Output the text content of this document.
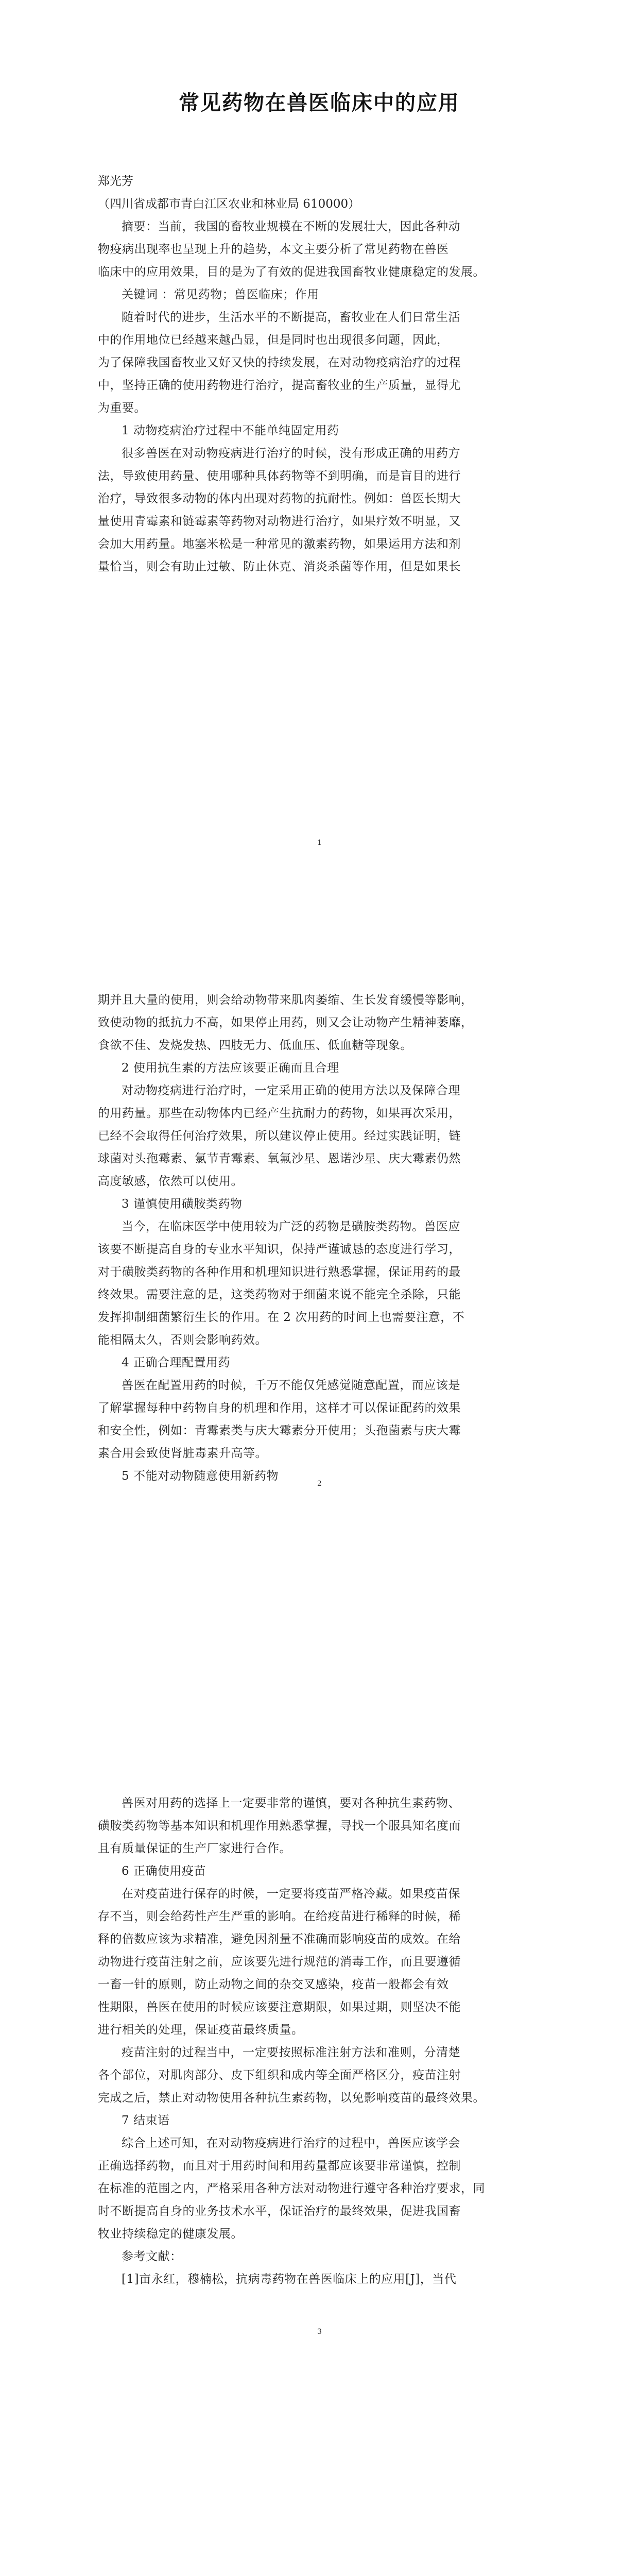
常见药物在兽医临床中的应用

郑光芳

（四川省成都市青白江区农业和林业局 610000）

摘要：当前，我国的畜牧业规模在不断的发展壮大，因此各种动

物疫病出现率也呈现上升的趋势，本文主要分析了常见药物在兽医

临床中的应用效果，目的是为了有效的促进我国畜牧业健康稳定的发展。

关键词 ：常见药物；兽医临床；作用

随着时代的进步，生活水平的不断提高，畜牧业在人们日常生活

中的作用地位已经越来越凸显，但是同时也出现很多问题，因此，

为了保障我国畜牧业又好又快的持续发展，在对动物疫病治疗的过程

中，坚持正确的使用药物进行治疗，提高畜牧业的生产质量，显得尤

为重要。

1 动物疫病治疗过程中不能单纯固定用药

很多兽医在对动物疫病进行治疗的时候，没有形成正确的用药方

法，导致使用药量、使用哪种具体药物等不到明确，而是盲目的进行

治疗，导致很多动物的体内出现对药物的抗耐性。例如：兽医长期大

量使用青霉素和链霉素等药物对动物进行治疗，如果疗效不明显，又

会加大用药量。地塞米松是一种常见的激素药物，如果运用方法和剂

量恰当，则会有助止过敏、防止休克、消炎杀菌等作用，但是如果长

1

期并且大量的使用，则会给动物带来肌肉萎缩、生长发育缓慢等影响，

致使动物的抵抗力不高，如果停止用药，则又会让动物产生精神萎靡，

食欲不佳、发烧发热、四肢无力、低血压、低血糖等现象。

2 使用抗生素的方法应该要正确而且合理

对动物疫病进行治疗时，一定采用正确的使用方法以及保障合理

的用药量。那些在动物体内已经产生抗耐力的药物，如果再次采用，

已经不会取得任何治疗效果，所以建议停止使用。经过实践证明，链

球菌对头孢霉素、氯节青霉素、氧氟沙星、恩诺沙星、庆大霉素仍然

高度敏感，依然可以使用。

3 谨慎使用磺胺类药物

当今，在临床医学中使用较为广泛的药物是磺胺类药物。兽医应

该要不断提高自身的专业水平知识，保持严谨诚恳的态度进行学习，

对于磺胺类药物的各种作用和机理知识进行熟悉掌握，保证用药的最

终效果。需要注意的是，这类药物对于细菌来说不能完全杀除，只能

发挥抑制细菌繁衍生长的作用。在 2 次用药的时间上也需要注意，不

能相隔太久，否则会影响药效。

4 正确合理配置用药

兽医在配置用药的时候，千万不能仅凭感觉随意配置，而应该是

了解掌握每种中药物自身的机理和作用，这样才可以保证配药的效果

和安全性，例如：青霉素类与庆大霉素分开使用；头孢菌素与庆大霉

素合用会致使肾脏毒素升高等。

5 不能对动物随意使用新药物

2

兽医对用药的选择上一定要非常的谨慎，要对各种抗生素药物、

磺胺类药物等基本知识和机理作用熟悉掌握，寻找一个服具知名度而

且有质量保证的生产厂家进行合作。

6 正确使用疫苗

在对疫苗进行保存的时候，一定要将疫苗严格冷藏。如果疫苗保

存不当，则会给药性产生严重的影响。在给疫苗进行稀释的时候，稀

释的倍数应该为求精准，避免因剂量不准确而影响疫苗的成效。在给

动物进行疫苗注射之前，应该要先进行规范的消毒工作，而且要遵循

一畜一针的原则，防止动物之间的杂交叉感染，疫苗一般都会有效

性期限，兽医在使用的时候应该要注意期限，如果过期，则坚决不能

进行相关的处理，保证疫苗最终质量。

疫苗注射的过程当中，一定要按照标准注射方法和准则，分清楚

各个部位，对肌肉部分、皮下组织和成内等全面严格区分，疫苗注射

完成之后，禁止对动物使用各种抗生素药物，以免影响疫苗的最终效果。

7 结束语

综合上述可知，在对动物疫病进行治疗的过程中，兽医应该学会

正确选择药物，而且对于用药时间和用药量都应该要非常谨慎，控制

在标准的范围之内，严格采用各种方法对动物进行遵守各种治疗要求，同

时不断提高自身的业务技术水平，保证治疗的最终效果，促进我国畜

牧业持续稳定的健康发展。

参考文献：

[1]亩永红，穆楠松，抗病毒药物在兽医临床上的应用[J]，当代

3
